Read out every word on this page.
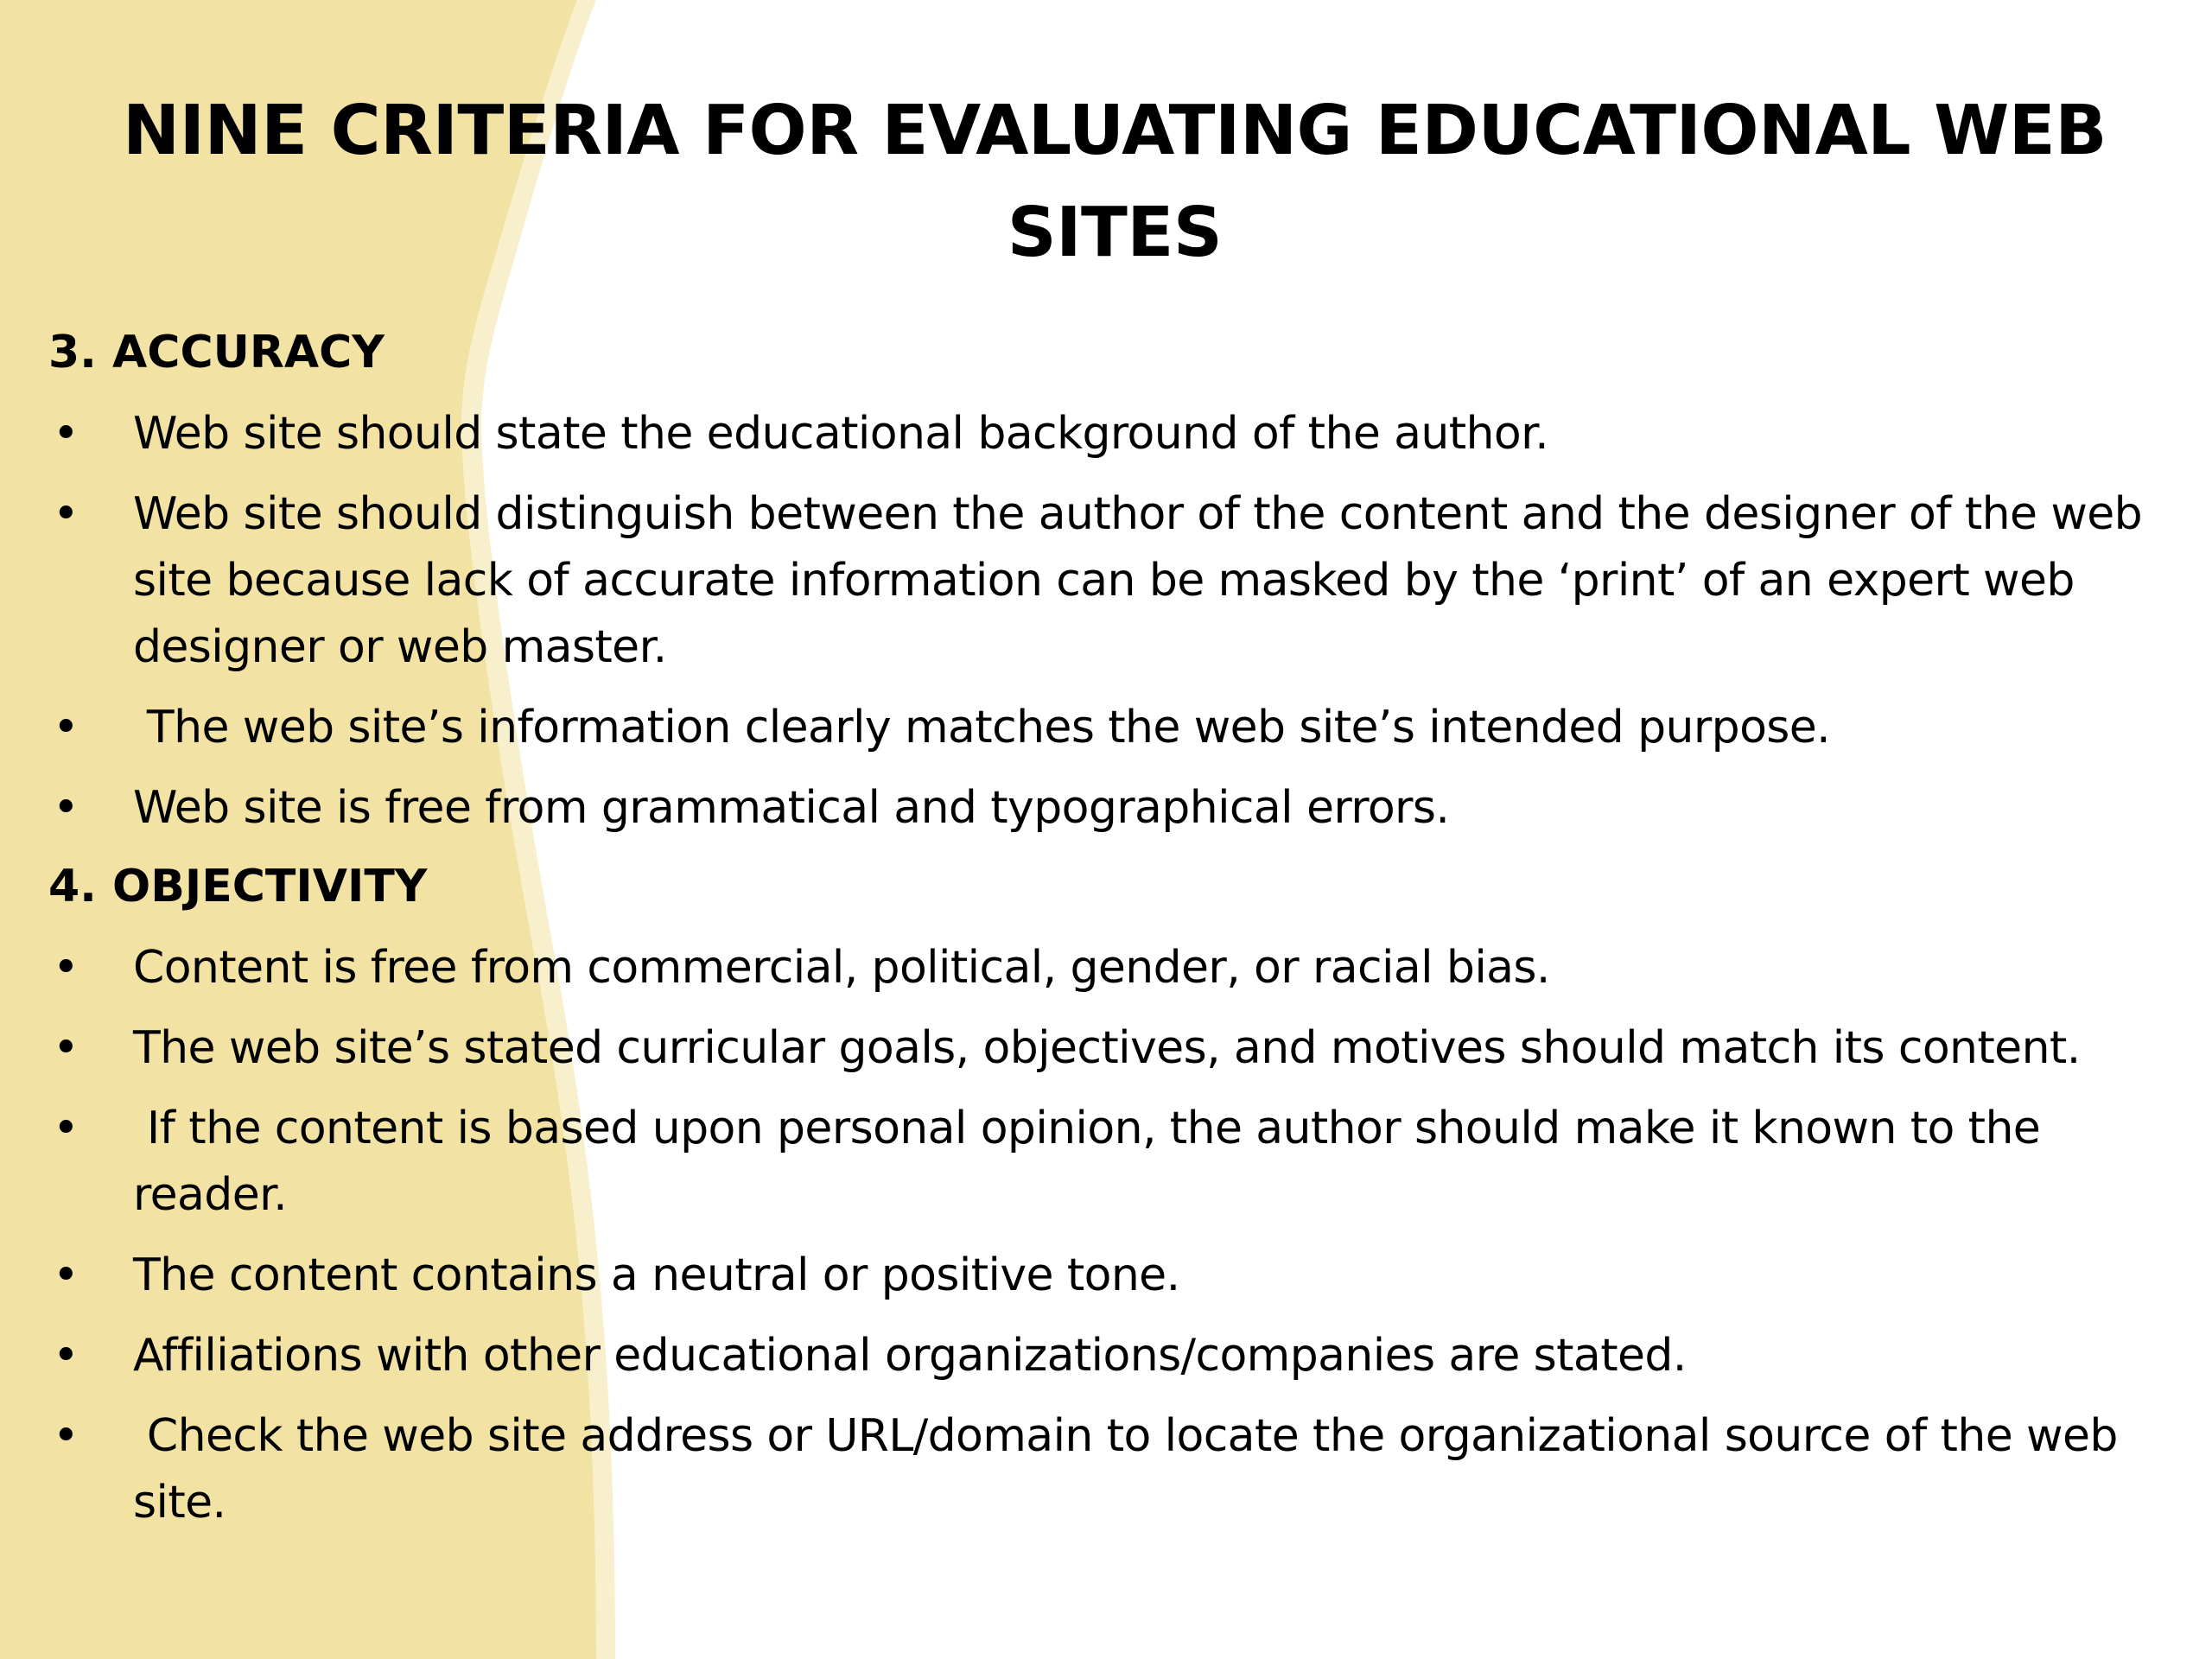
NINE CRITERIA FOR EVALUATING EDUCATIONAL WEB SITES
3. ACCURACY
• Web site should state the educational background of the author.
• Web site should distinguish between the author of the content and the designer of the web site because lack of accurate information can be masked by the ‘print’ of an expert web designer or web master.
• The web site’s information clearly matches the web site’s intended purpose.
• Web site is free from grammatical and typographical errors.
4. OBJECTIVITY
• Content is free from commercial, political, gender, or racial bias.
• The web site’s stated curricular goals, objectives, and motives should match its content.
• If the content is based upon personal opinion, the author should make it known to the reader.
• The content contains a neutral or positive tone.
• Affiliations with other educational organizations/companies are stated.
• Check the web site address or URL/domain to locate the organizational source of the web site.
